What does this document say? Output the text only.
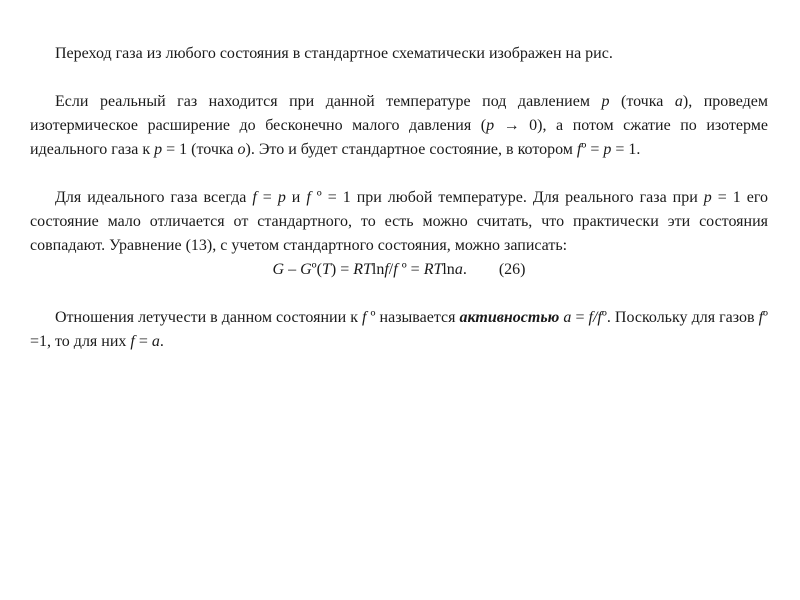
Переход газа из любого состояния в стандартное схематически изображен на рис.

Если реальный газ находится при данной температуре под давлением p (точка a), проведем изотермическое расширение до бесконечно малого давления (p → 0), а потом сжатие по изотерме идеального газа к p = 1 (точка o). Это и будет стандартное состояние, в котором fº = p = 1.

Для идеального газа всегда f = p и f º = 1 при любой температуре. Для реального газа при p = 1 его состояние мало отличается от стандартного, то есть можно считать, что практически эти состояния совпадают. Уравнение (13), с учетом стандартного состояния, можно записать:

G – Gº(T) = RTlnf/f º = RTlna.        (26)

Отношения летучести в данном состоянии к f º называется активностью a = f/fº. Поскольку для газов fº =1, то для них f = a.
